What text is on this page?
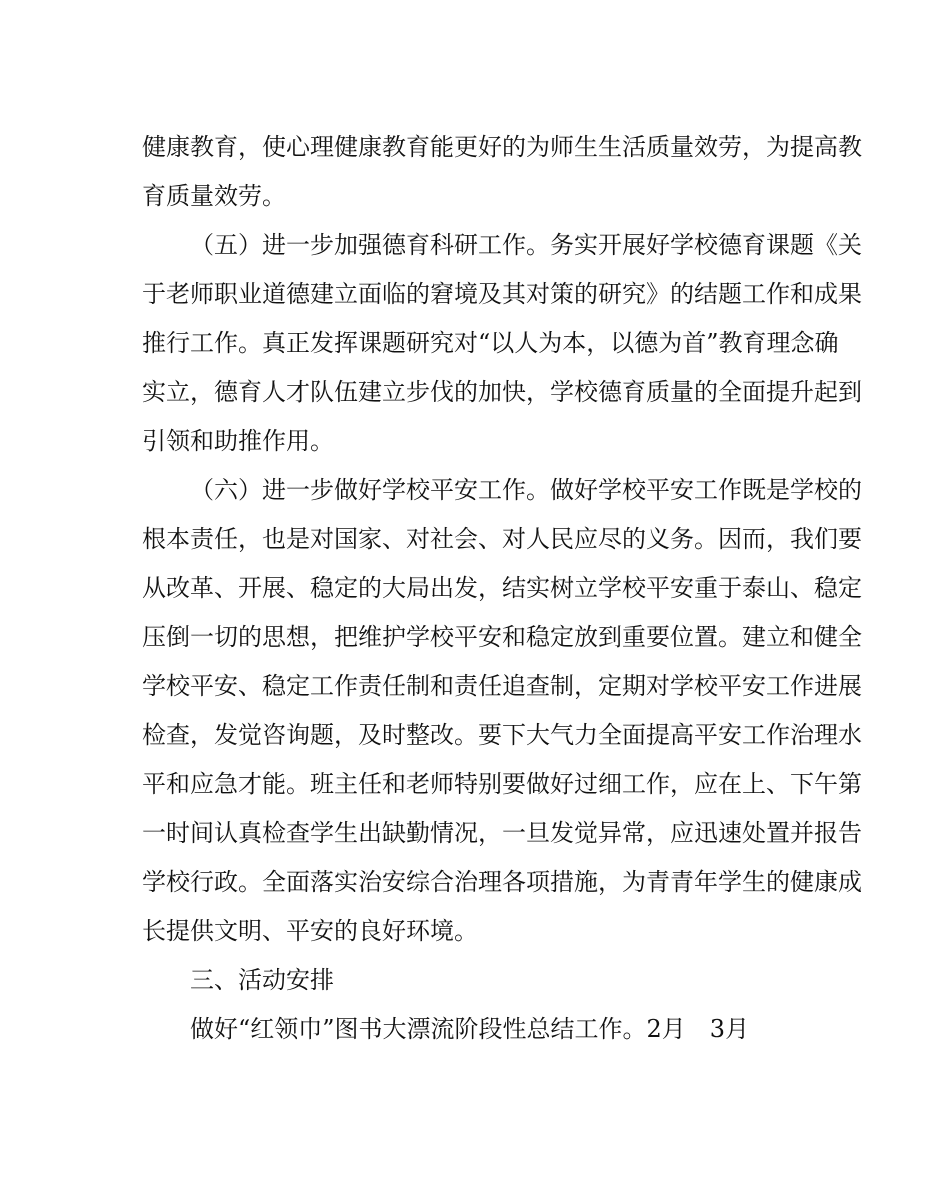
健康教育，使心理健康教育能更好的为师生生活质量效劳，为提高教
育质量效劳。
（五）进一步加强德育科研工作。务实开展好学校德育课题《关
于老师职业道德建立面临的窘境及其对策的研究》的结题工作和成果
推行工作。真正发挥课题研究对“以人为本，以德为首”教育理念确
实立，德育人才队伍建立步伐的加快，学校德育质量的全面提升起到
引领和助推作用。
（六）进一步做好学校平安工作。做好学校平安工作既是学校的
根本责任，也是对国家、对社会、对人民应尽的义务。因而，我们要
从改革、开展、稳定的大局出发，结实树立学校平安重于泰山、稳定
压倒一切的思想，把维护学校平安和稳定放到重要位置。建立和健全
学校平安、稳定工作责任制和责任追查制，定期对学校平安工作进展
检查，发觉咨询题，及时整改。要下大气力全面提高平安工作治理水
平和应急才能。班主任和老师特别要做好过细工作，应在上、下午第
一时间认真检查学生出缺勤情况，一旦发觉异常，应迅速处置并报告
学校行政。全面落实治安综合治理各项措施，为青青年学生的健康成
长提供文明、平安的良好环境。
三、活动安排
做好“红领巾”图书大漂流阶段性总结工作。2月　3月
